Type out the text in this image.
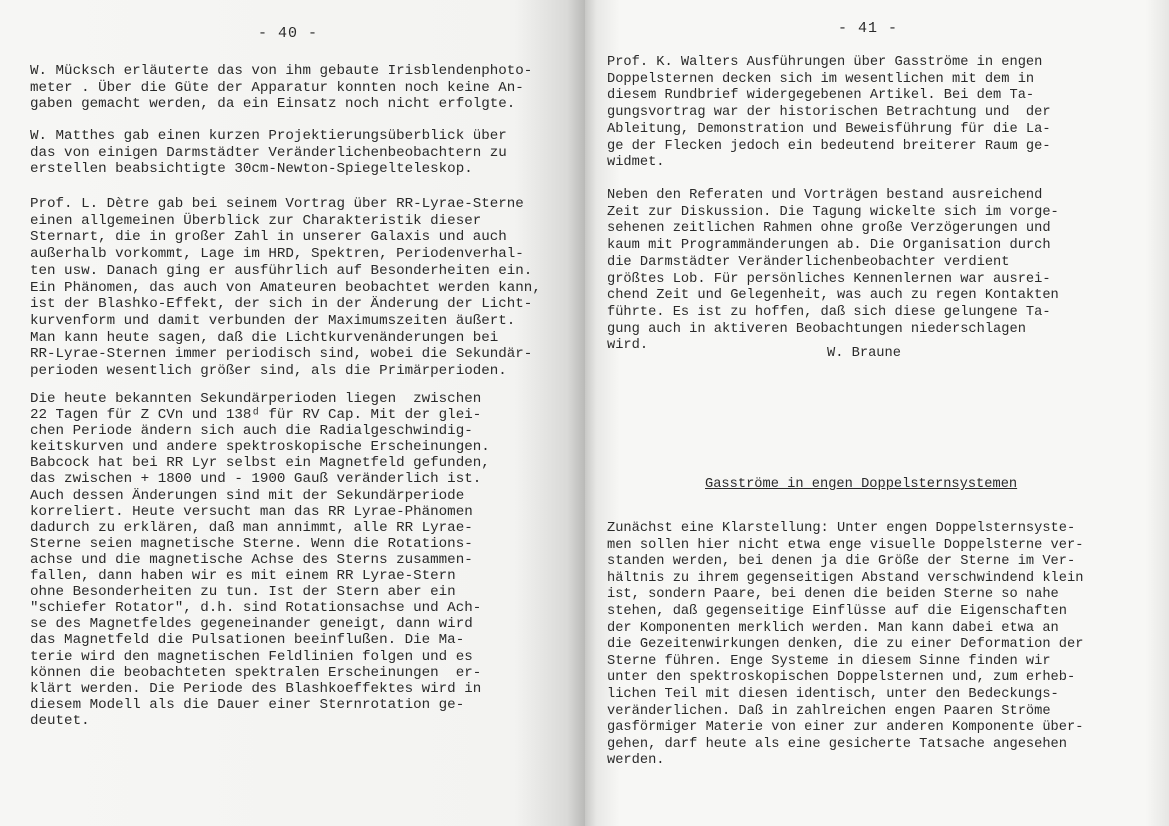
- 40 -
W. Mücksch erläuterte das von ihm gebaute Irisblendenphoto-
meter . Über die Güte der Apparatur konnten noch keine An-
gaben gemacht werden, da ein Einsatz noch nicht erfolgte.
W. Matthes gab einen kurzen Projektierungsüberblick über
das von einigen Darmstädter Veränderlichenbeobachtern zu
erstellen beabsichtigte 30cm-Newton-Spiegelteleskop.
Prof. L. Dètre gab bei seinem Vortrag über RR-Lyrae-Sterne
einen allgemeinen Überblick zur Charakteristik dieser
Sternart, die in großer Zahl in unserer Galaxis und auch
außerhalb vorkommt, Lage im HRD, Spektren, Periodenverhal-
ten usw. Danach ging er ausführlich auf Besonderheiten ein.
Ein Phänomen, das auch von Amateuren beobachtet werden kann,
ist der Blashko-Effekt, der sich in der Änderung der Licht-
kurvenform und damit verbunden der Maximumszeiten äußert.
Man kann heute sagen, daß die Lichtkurvenänderungen bei
RR-Lyrae-Sternen immer periodisch sind, wobei die Sekundär-
perioden wesentlich größer sind, als die Primärperioden.
Die heute bekannten Sekundärperioden liegen  zwischen
22 Tagen für Z CVn und 138ᵈ für RV Cap. Mit der glei-
chen Periode ändern sich auch die Radialgeschwindig-
keitskurven und andere spektroskopische Erscheinungen.
Babcock hat bei RR Lyr selbst ein Magnetfeld gefunden,
das zwischen + 1800 und - 1900 Gauß veränderlich ist.
Auch dessen Änderungen sind mit der Sekundärperiode
korreliert. Heute versucht man das RR Lyrae-Phänomen
dadurch zu erklären, daß man annimmt, alle RR Lyrae-
Sterne seien magnetische Sterne. Wenn die Rotations-
achse und die magnetische Achse des Sterns zusammen-
fallen, dann haben wir es mit einem RR Lyrae-Stern
ohne Besonderheiten zu tun. Ist der Stern aber ein
"schiefer Rotator", d.h. sind Rotationsachse und Ach-
se des Magnetfeldes gegeneinander geneigt, dann wird
das Magnetfeld die Pulsationen beeinflußen. Die Ma-
terie wird den magnetischen Feldlinien folgen und es
können die beobachteten spektralen Erscheinungen  er-
klärt werden. Die Periode des Blashkoeffektes wird in
diesem Modell als die Dauer einer Sternrotation ge-
deutet.
- 41 -
Prof. K. Walters Ausführungen über Gasströme in engen
Doppelsternen decken sich im wesentlichen mit dem in
diesem Rundbrief widergegebenen Artikel. Bei dem Ta-
gungsvortrag war der historischen Betrachtung und  der
Ableitung, Demonstration und Beweisführung für die La-
ge der Flecken jedoch ein bedeutend breiterer Raum ge-
widmet.
Neben den Referaten und Vorträgen bestand ausreichend
Zeit zur Diskussion. Die Tagung wickelte sich im vorge-
sehenen zeitlichen Rahmen ohne große Verzögerungen und
kaum mit Programmänderungen ab. Die Organisation durch
die Darmstädter Veränderlichenbeobachter verdient
größtes Lob. Für persönliches Kennenlernen war ausrei-
chend Zeit und Gelegenheit, was auch zu regen Kontakten
führte. Es ist zu hoffen, daß sich diese gelungene Ta-
gung auch in aktiveren Beobachtungen niederschlagen
wird.
W. Braune
Gasströme in engen Doppelsternsystemen
Zunächst eine Klarstellung: Unter engen Doppelsternsyste-
men sollen hier nicht etwa enge visuelle Doppelsterne ver-
standen werden, bei denen ja die Größe der Sterne im Ver-
hältnis zu ihrem gegenseitigen Abstand verschwindend klein
ist, sondern Paare, bei denen die beiden Sterne so nahe
stehen, daß gegenseitige Einflüsse auf die Eigenschaften
der Komponenten merklich werden. Man kann dabei etwa an
die Gezeitenwirkungen denken, die zu einer Deformation der
Sterne führen. Enge Systeme in diesem Sinne finden wir
unter den spektroskopischen Doppelsternen und, zum erheb-
lichen Teil mit diesen identisch, unter den Bedeckungs-
veränderlichen. Daß in zahlreichen engen Paaren Ströme
gasförmiger Materie von einer zur anderen Komponente über-
gehen, darf heute als eine gesicherte Tatsache angesehen
werden.
